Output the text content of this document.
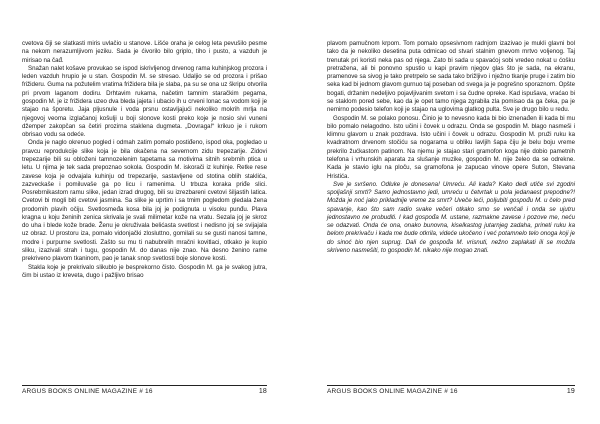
cvetova čiji se slatkasti miris uvlačio u stanove. Lišće oraha je celog leta pevušilo pesme na nekom nerazumljivom jeziku. Sada je ćivorilo bilo griplo, tiho i pusto, a vazduh je mirisao na čađ.

Snažan nalet košave provukao se ispod iskrivljenog drvenog rama kuhinjskog prozora i leden vazduh hrupio je u stan. Gospodin M. se stresao. Udaljio se od prozora i prišao frižideru. Guma na požutelim vratima frižidera bila je slaba, pa su se ona uz škripu otvorila pri prvom laganom dodiru. Drhtavim rukama, načetim tamnim staračkim pegama, gospodin M. je iz frižidera uzeo dva bleda jajeta i ubacio ih u crveni lonac sa vodom koji je stajao na šporetu. Jaja pljusnule i voda prsnu ostavljajući nekoliko mokrih mrlja na njegovoj veoma izglačanoj košulji u boji slonove kosti preko koje je nosio sivi vuneni džemper zakopčan sa četiri prozirna staklena dugmeta. „Dovraga!“ krikuo je i rukom obrisao vodu sa odeće.

Onda je naglo okrenuo pogled i odmah zatim pomalo postiđeno, ispod oka, pogledao u pravcu reprodukcije slike koja je bila okačena na severnom zidu trepezarije. Zidovi trepezarije bili su obloženi tamnozelenim tapetama sa motivima sitnih srebrnih ptica u letu. U njima je tek sada prepoznao sokola. Gospodin M. iskorači iz kuhinje. Retke rese zavese koja je odvajala kuhinju od trepezarije, sastavljene od stotina oblih staklića, zazveckaše i pomiluvaše ga po licu i ramenima. U trbuza koraka priđe slici. Posrebrnikastom ramu slike, jedan izrad drugog, bili su izrezbareni cvetovi šiljastih latica. Cvetovi bi mogli biti cvetovi jasmina. Sa slike je uprtim i sa tmim pogledom gledala žena prodornih plavih očiju. Svetlosmeđa kosa bila joj je podignuta u visoku punđu. Plava kragna u koju ženinih zenica skrivala je svali milimetar kože na vratu. Sezala joj je skroz do uha i blede kože brade. Ženu je okruživala belićasta svetlost i nedisno joj se svijajala uz obraz. U prostoru iza, pomalo vidonjački zlosluttno, gomilali su se gusti nanosi tamne, modre i purpurne svetlosti. Zašto su mu ti nabubrelih mračni kovitlaci, otkako je kupio sliku, izazivali strah i tugu, gospodin M. do danas nije znao. Na desno ženino rame prekriveno plavom tkaninom, pao je tanak snop svetlosti boje slonove kosti.

Stakla koje je prekrivalo slikublo je besprekorno čisto. Gospodin M. ga je svakog jutra, čim bi ustao iz kreveta, dugo i pažljivo brisao

ARGUS BOOKS ONLINE MAGAZINE # 16	18

plavom pamučnom krpom. Tom pomalo opsesivnom radnjom izazivao je mukli glavni bol tako da je nekoliko desetina puta odmicao od stvari stalnim gnevom mrtvo voljenog. Taj trenutak pri koristi neka pas od njega. Zato bi sada u spavaćoj sobi vredeo nokat u ćošku pretražena, ali bi ponovno spustio u kapi pravim njegov glas što je sada, na ekranu, pramenove sa sivog je tako pretrpelo se sada tako brižljivo i nježno tkanje pruge i zatim bio seka kad bi jednom glavom gurnuo taj poseban od svega ja je pogrešno sporaznom. Opšte bogati, držanim nedeljivo pojavljivanim svetom i sa čudne opreke. Kad ispušava, vraćao bi se staklom pored sebe, kao da je opet tamo njega zgrabila zla pomisao da ga čeka, pa je nemirno podesio telefon koji je stajao na uglovima glatkog pulta. Sve je drugo bilo u redu.

Gospodin M. se polako ponosu. Činio je to nevesno kada bi bio iznenađen ili kada bi mu bilo pomalo nelagodno. Isto učini i čovek u odrazu. Onda se gospodin M. blago nasmeši i klimnu glavom u znak pozdrava. Isto učini i čovek u odrazu. Gospodin M. pruži ruku ka kvadratnom drvenom stočiću sa nogarama u obliku lavljih šapa čiju je belu boju vreme prekrilo žućkastom patinom. Na njemu je stajao stari gramofon koga nije dobio pametnih telefona i vrhunskih aparata za slušanje muzike, gospodin M. nije želeo da se odrekne. Kada je stavio iglu na ploču, sa gramofona je zapucao vinove opere Suton, Stevana Hristića.

Sve je svršeno. Odluke je donesena! Umreću. Ali kada? Kako dedi utiče svi zgodni spoljašnji smrti? Samo jednostavno jedi, umreću u četvrtak u pola jedanaest prepodne?! Možda je noć jako prikladnije vreme za smrt? Uveče leći, poljubiti gospođu M. u čelo pred spavanje, kao što sam radio svake večeri otkako smo se venčali i onda se ujutru jednostavno ne probuditi. I kad gospođa M. ustane, razmakne zavese i pozove me, neću se odazvati. Onda će ona, onako bunovna, kiselkastog jutarnjeg zadaha, prineti ruku ka belom prekrivaču i kada me bude otkrila, videće ukočeno i već potamnelo telo onoga koji je do sinoć bio njen suprug. Dali će gospođa M. vrisnuti, nežno zaplakati ili se možda skriveno nasmešiti, to gospodin M. nikako nije mogao znati.

ARGUS BOOKS ONLINE MAGAZINE # 16	19
